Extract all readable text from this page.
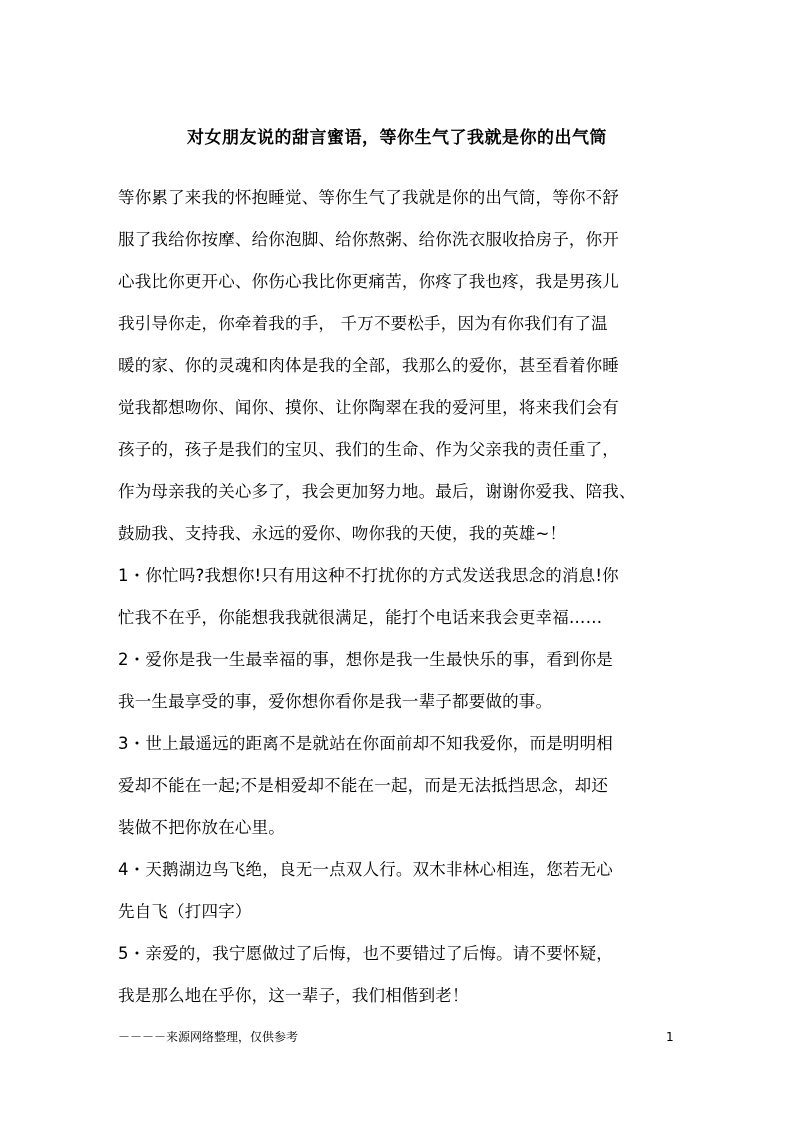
对女朋友说的甜言蜜语，等你生气了我就是你的出气筒
等你累了来我的怀抱睡觉、等你生气了我就是你的出气筒，等你不舒
服了我给你按摩、给你泡脚、给你熬粥、给你洗衣服收拾房子，你开
心我比你更开心、你伤心我比你更痛苦，你疼了我也疼，我是男孩儿
我引导你走，你牵着我的手， 千万不要松手，因为有你我们有了温
暖的家、你的灵魂和肉体是我的全部，我那么的爱你，甚至看着你睡
觉我都想吻你、闻你、摸你、让你陶翠在我的爱河里，将来我们会有
孩子的，孩子是我们的宝贝、我们的生命、作为父亲我的责任重了，
作为母亲我的关心多了，我会更加努力地。最后，谢谢你爱我、陪我、
鼓励我、支持我、永远的爱你、吻你我的天使，我的英雄~！
1・你忙吗?我想你!只有用这种不打扰你的方式发送我思念的消息!你
忙我不在乎，你能想我我就很满足，能打个电话来我会更幸福……
2・爱你是我一生最幸福的事，想你是我一生最快乐的事，看到你是
我一生最享受的事，爱你想你看你是我一辈子都要做的事。
3・世上最遥远的距离不是就站在你面前却不知我爱你，而是明明相
爱却不能在一起;不是相爱却不能在一起，而是无法抵挡思念，却还
装做不把你放在心里。
4・天鹅湖边鸟飞绝，良无一点双人行。双木非林心相连，您若无心
先自飞（打四字）
5・亲爱的，我宁愿做过了后悔，也不要错过了后悔。请不要怀疑，
我是那么地在乎你，这一辈子，我们相偕到老！
－－－－来源网络整理，仅供参考	1
